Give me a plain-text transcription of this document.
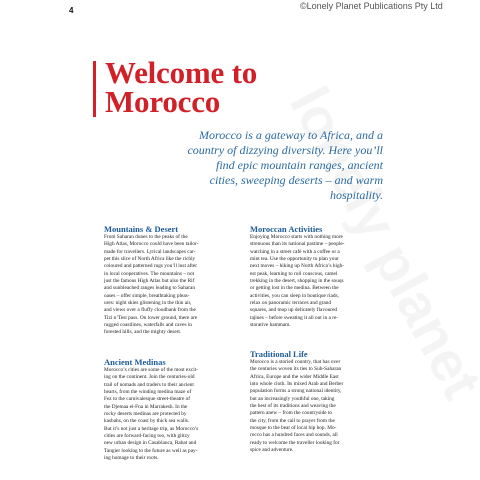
4	©Lonely Planet Publications Pty Ltd
Welcome to
Morocco
Morocco is a gateway to Africa, and a
country of dizzying diversity. Here you’ll
find epic mountain ranges, ancient
cities, sweeping deserts – and warm
hospitality.
Mountains & Desert
From Saharan dunes to the peaks of the
High Atlas, Morocco could have been tailor-
made for travellers. Lyrical landscapes car-
pet this slice of North Africa like the richly
coloured and patterned rugs you’ll lust after
in local cooperatives. The mountains – not
just the famous High Atlas but also the Rif
and sunbleached ranges leading to Saharan
oases – offer simple, breathtaking pleas-
ures: night skies glistening in the thin air,
and views over a fluffy cloudbank from the
Tizi n’Test pass. On lower ground, there are
rugged coastlines, waterfalls and caves in
forested hills, and the mighty desert.
Ancient Medinas
Morocco’s cities are some of the most excit-
ing on the continent. Join the centuries-old
trail of nomads and traders to their ancient
hearts, from the winding medina maze of
Fez to the carnivalesque street-theatre of
the Djemaa el-Fna in Marrakesh. In the
rocky deserts medinas are protected by
kasbahs, on the coast by thick sea walls.
But it’s not just a heritage trip, as Morocco’s
cities are forward-facing too, with glitzy
new urban design in Casablanca, Rabat and
Tangier looking to the future as well as pay-
ing homage to their roots.
Moroccan Activities
Enjoying Morocco starts with nothing more
strenuous than its national pastime – people-
watching in a street café with a coffee or a
mint tea. Use the opportunity to plan your
next moves – hiking up North Africa’s high-
est peak, learning to roll couscous, camel
trekking in the desert, shopping in the souqs
or getting lost in the medina. Between the
activities, you can sleep in boutique riads,
relax on panoramic terraces and grand
squares, and mop up delicately flavoured
tajines – before sweating it all out in a re-
storative hammam.
Traditional Life
Morocco is a storied country, that has over
the centuries woven its ties to Sub-Saharan
Africa, Europe and the wider Middle East
into whole cloth. Its mixed Arab and Berber
population forms a strong national identity,
but an increasingly youthful one, taking
the best of its traditions and weaving the
pattern anew – from the countryside to
the city, from the call to prayer from the
mosque to the beat of local hip hop. Mo-
rocco has a hundred faces and sounds, all
ready to welcome the traveller looking for
spice and adventure.
